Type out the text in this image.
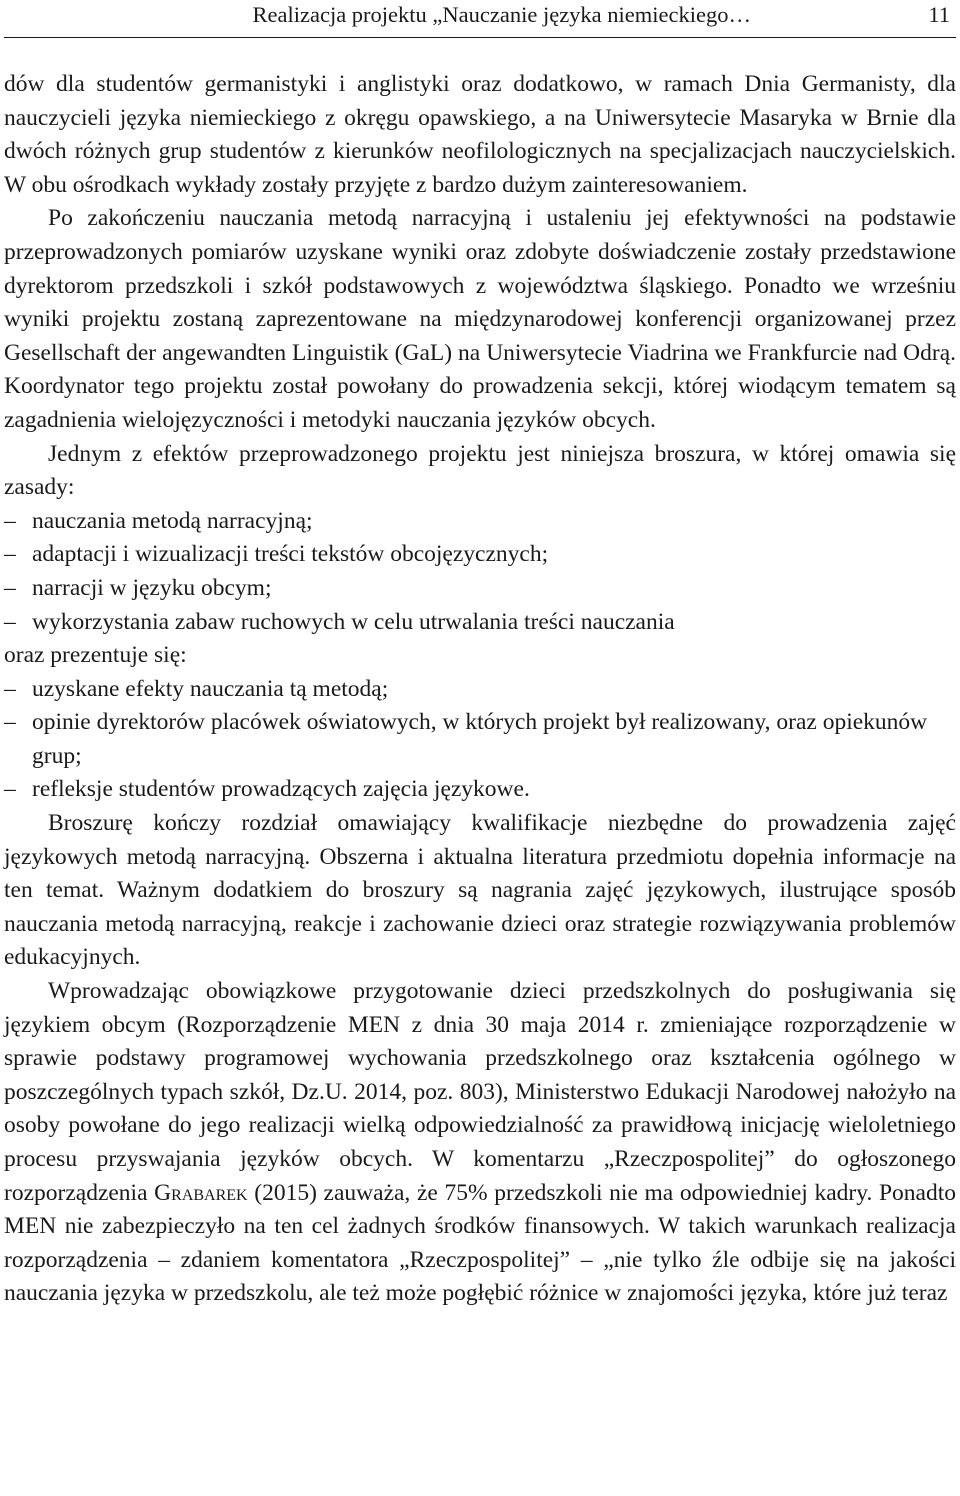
Realizacja projektu „Nauczanie języka niemieckiego…	11

dów dla studentów germanistyki i anglistyki oraz dodatkowo, w ramach Dnia Germanisty, dla nauczycieli języka niemieckiego z okręgu opawskiego, a na Uniwersytecie Masaryka w Brnie dla dwóch różnych grup studentów z kierunków neofilologicznych na specjalizacjach nauczycielskich. W obu ośrodkach wykłady zostały przyjęte z bardzo dużym zainteresowaniem.

Po zakończeniu nauczania metodą narracyjną i ustaleniu jej efektywności na podstawie przeprowadzonych pomiarów uzyskane wyniki oraz zdobyte doświadczenie zostały przedstawione dyrektorom przedszkoli i szkół podstawowych z województwa śląskiego. Ponadto we wrześniu wyniki projektu zostaną zaprezentowane na międzynarodowej konferencji organizowanej przez Gesellschaft der angewandten Linguistik (GaL) na Uniwersytecie Viadrina we Frankfurcie nad Odrą. Koordynator tego projektu został powołany do prowadzenia sekcji, której wiodącym tematem są zagadnienia wielojęzyczności i metodyki nauczania języków obcych.

Jednym z efektów przeprowadzonego projektu jest niniejsza broszura, w której omawia się zasady:

– nauczania metodą narracyjną;
– adaptacji i wizualizacji treści tekstów obcojęzycznych;
– narracji w języku obcym;
– wykorzystania zabaw ruchowych w celu utrwalania treści nauczania

oraz prezentuje się:

– uzyskane efekty nauczania tą metodą;
– opinie dyrektorów placówek oświatowych, w których projekt był realizowany, oraz opiekunów grup;
– refleksje studentów prowadzących zajęcia językowe.

Broszurę kończy rozdział omawiający kwalifikacje niezbędne do prowadzenia zajęć językowych metodą narracyjną. Obszerna i aktualna literatura przedmiotu dopełnia informacje na ten temat. Ważnym dodatkiem do broszury są nagrania zajęć językowych, ilustrujące sposób nauczania metodą narracyjną, reakcje i zachowanie dzieci oraz strategie rozwiązywania problemów edukacyjnych.

Wprowadzając obowiązkowe przygotowanie dzieci przedszkolnych do posługiwania się językiem obcym (Rozporządzenie MEN z dnia 30 maja 2014 r. zmieniające rozporządzenie w sprawie podstawy programowej wychowania przedszkolnego oraz kształcenia ogólnego w poszczególnych typach szkół, Dz.U. 2014, poz. 803), Ministerstwo Edukacji Narodowej nałożyło na osoby powołane do jego realizacji wielką odpowiedzialność za prawidłową inicjację wieloletniego procesu przyswajania języków obcych. W komentarzu „Rzeczpospolitej” do ogłoszonego rozporządzenia Grabarek (2015) zauważa, że 75% przedszkoli nie ma odpowiedniej kadry. Ponadto MEN nie zabezpieczyło na ten cel żadnych środków finansowych. W takich warunkach realizacja rozporządzenia – zdaniem komentatora „Rzeczpospolitej” – „nie tylko źle odbije się na jakości nauczania języka w przedszkolu, ale też może pogłębić różnice w znajomości języka, które już teraz
